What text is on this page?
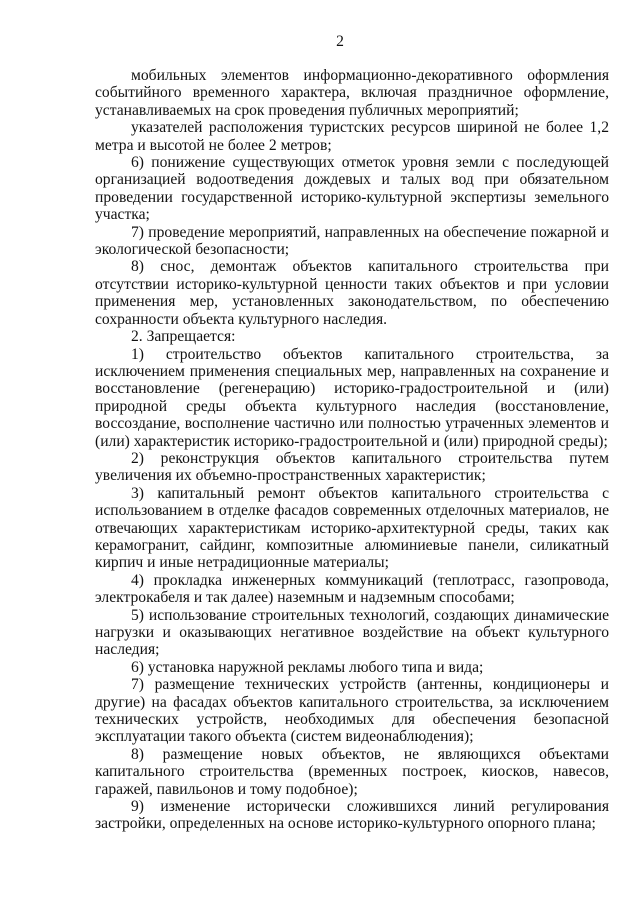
2

мобильных элементов информационно-декоративного оформления событийного временного характера, включая праздничное оформление, устанавливаемых на срок проведения публичных мероприятий;

указателей расположения туристских ресурсов шириной не более 1,2 метра и высотой не более 2 метров;

6) понижение существующих отметок уровня земли с последующей организацией водоотведения дождевых и талых вод при обязательном проведении государственной историко-культурной экспертизы земельного участка;

7) проведение мероприятий, направленных на обеспечение пожарной и экологической безопасности;

8) снос, демонтаж объектов капитального строительства при отсутствии историко-культурной ценности таких объектов и при условии применения мер, установленных законодательством, по обеспечению сохранности объекта культурного наследия.

2. Запрещается:

1) строительство объектов капитального строительства, за исключением применения специальных мер, направленных на сохранение и восстановление (регенерацию) историко-градостроительной и (или) природной среды объекта культурного наследия (восстановление, воссоздание, восполнение частично или полностью утраченных элементов и (или) характеристик историко-градостроительной и (или) природной среды);

2) реконструкция объектов капитального строительства путем увеличения их объемно-пространственных характеристик;

3) капитальный ремонт объектов капитального строительства с использованием в отделке фасадов современных отделочных материалов, не отвечающих характеристикам историко-архитектурной среды, таких как керамогранит, сайдинг, композитные алюминиевые панели, силикатный кирпич и иные нетрадиционные материалы;

4) прокладка инженерных коммуникаций (теплотрасс, газопровода, электрокабеля и так далее) наземным и надземным способами;

5) использование строительных технологий, создающих динамические нагрузки и оказывающих негативное воздействие на объект культурного наследия;

6) установка наружной рекламы любого типа и вида;

7) размещение технических устройств (антенны, кондиционеры и другие) на фасадах объектов капитального строительства, за исключением технических устройств, необходимых для обеспечения безопасной эксплуатации такого объекта (систем видеонаблюдения);

8) размещение новых объектов, не являющихся объектами капитального строительства (временных построек, киосков, навесов, гаражей, павильонов и тому подобное);

9) изменение исторически сложившихся линий регулирования застройки, определенных на основе историко-культурного опорного плана;
